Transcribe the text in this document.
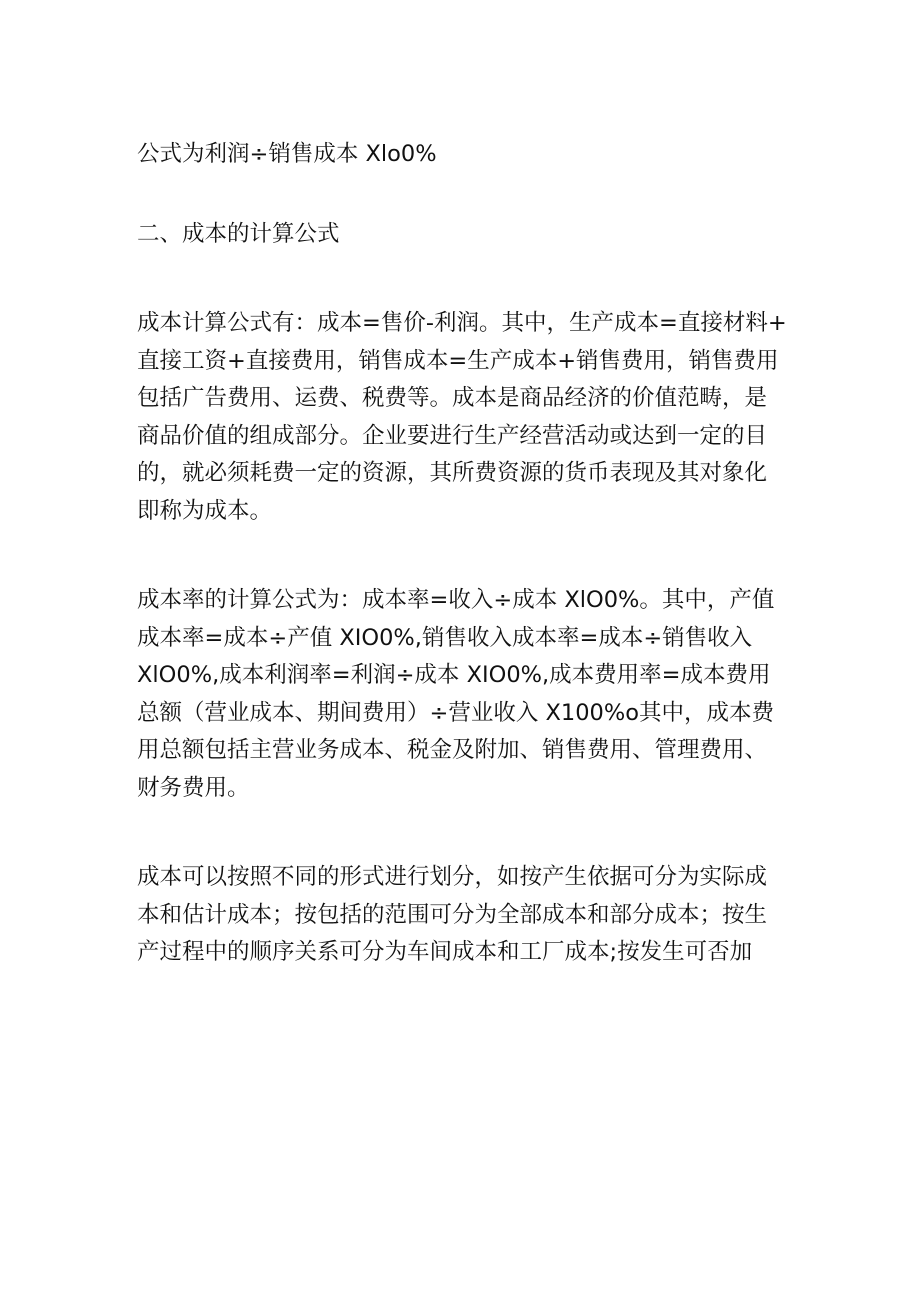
公式为利润÷销售成本 Xlo0%

二、成本的计算公式

成本计算公式有：成本=售价-利润。其中，生产成本=直接材料+
直接工资+直接费用，销售成本=生产成本+销售费用，销售费用
包括广告费用、运费、税费等。成本是商品经济的价值范畴，是
商品价值的组成部分。企业要进行生产经营活动或达到一定的目
的，就必须耗费一定的资源，其所费资源的货币表现及其对象化
即称为成本。

成本率的计算公式为：成本率=收入÷成本 XlO0%。其中，产值
成本率=成本÷产值 XIO0%,销售收入成本率=成本÷销售收入
XlO0%,成本利润率=利润÷成本 XIO0%,成本费用率=成本费用
总额（营业成本、期间费用）÷营业收入 X100%o其中，成本费
用总额包括主营业务成本、税金及附加、销售费用、管理费用、
财务费用。

成本可以按照不同的形式进行划分，如按产生依据可分为实际成
本和估计成本；按包括的范围可分为全部成本和部分成本；按生
产过程中的顺序关系可分为车间成本和工厂成本;按发生可否加
